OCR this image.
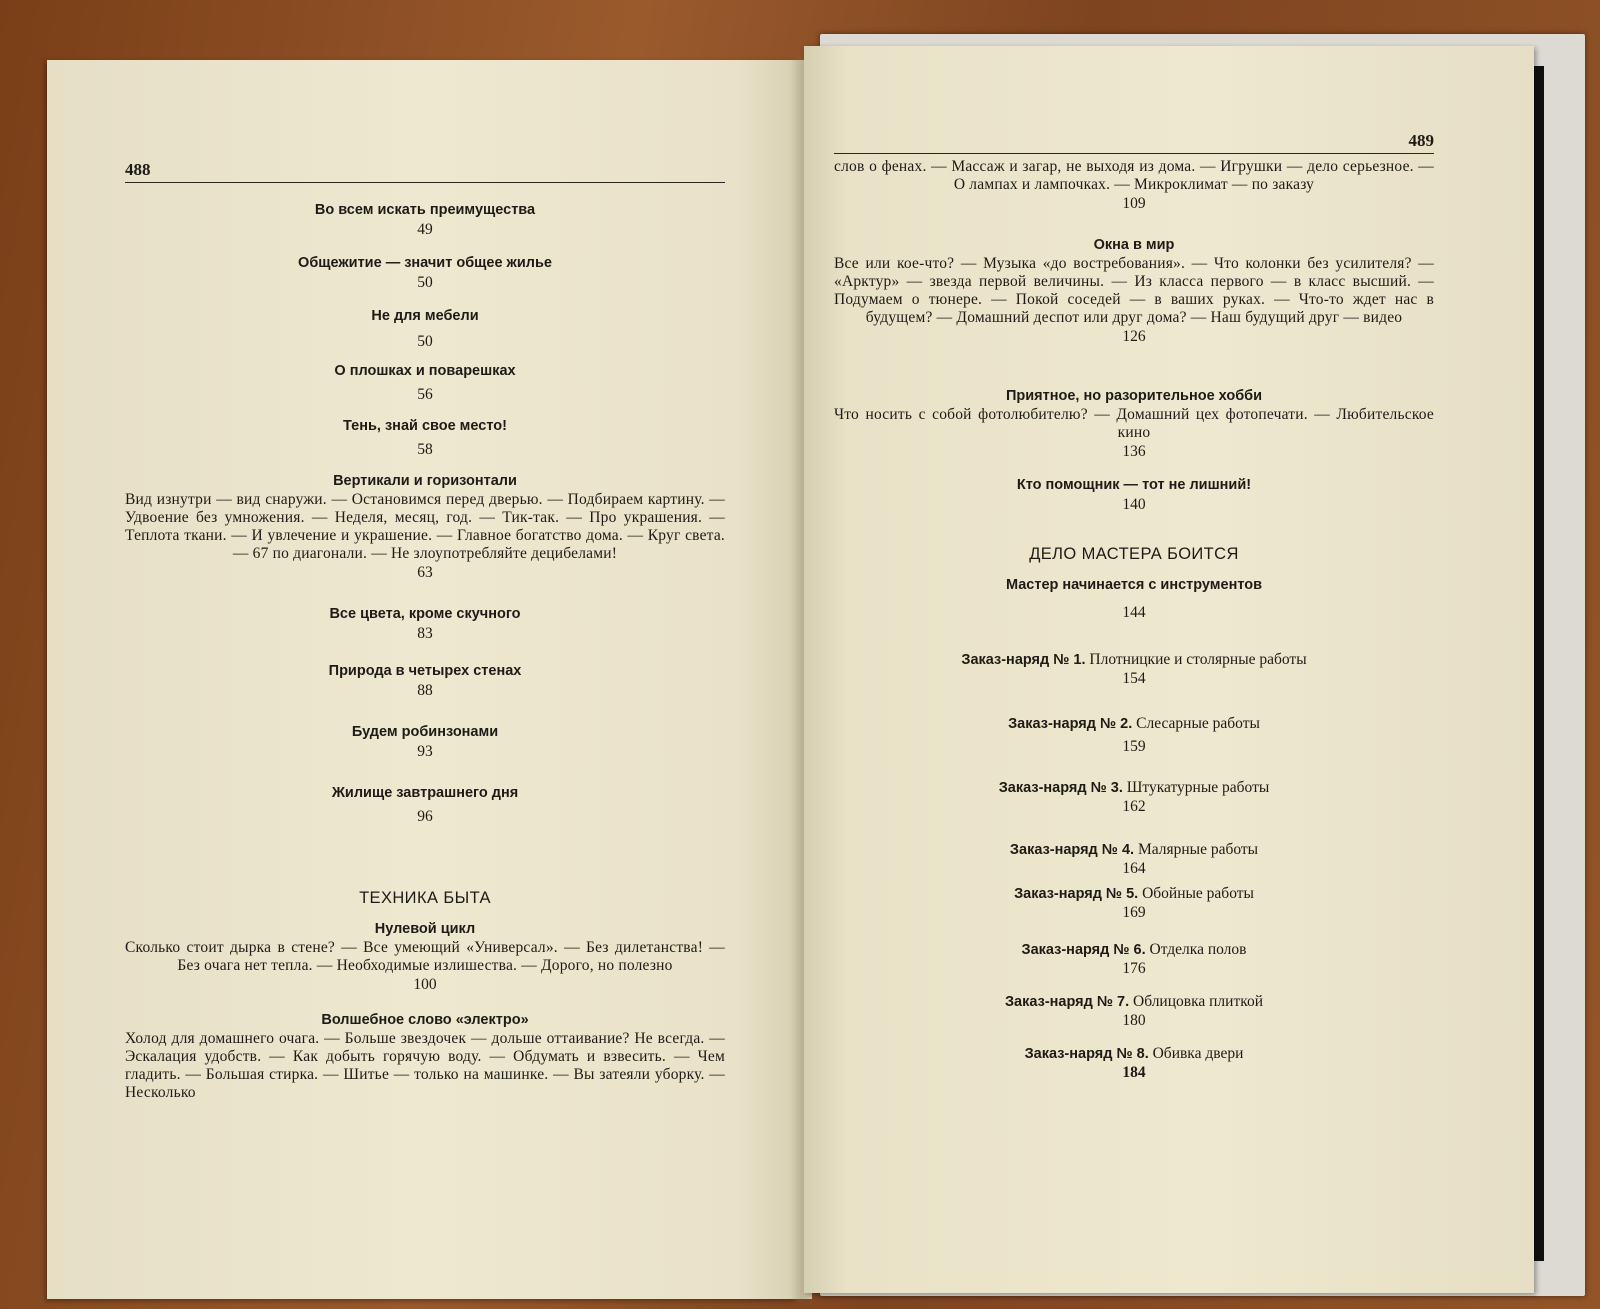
488
Во всем искать преимущества
49
Общежитие — значит общее жилье
50
Не для мебели
50
О плошках и поварешках
56
Тень, знай свое место!
58
Вертикали и горизонтали
Вид изнутри — вид снаружи. — Остановимся перед дверью. — Подбираем картину. — Удвоение без умножения. — Неделя, месяц, год. — Тик-так. — Про украшения. — Теплота ткани. — И увлечение и украшение. — Главное богатство дома. — Круг света. — 67 по диагонали. — Не злоупотребляйте децибелами!
63
Все цвета, кроме скучного
83
Природа в четырех стенах
88
Будем робинзонами
93
Жилище завтрашнего дня
96
ТЕХНИКА БЫТА
Нулевой цикл
Сколько стоит дырка в стене? — Все умеющий «Универсал». — Без дилетанства! — Без очага нет тепла. — Необходимые излишества. — Дорого, но полезно
100
Волшебное слово «электро»
Холод для домашнего очага. — Больше звездочек — дольше оттаивание? Не всегда. — Эскалация удобств. — Как добыть горячую воду. — Обдумать и взвесить. — Чем гладить. — Большая стирка. — Шитье — только на машинке. — Вы затеяли уборку. — Несколько
489
слов о фенах. — Массаж и загар, не выходя из дома. — Игрушки — дело серьезное. — О лампах и лампочках. — Микроклимат — по заказу
109
Окна в мир
Все или кое-что? — Музыка «до востребования». — Что колонки без усилителя? — «Арктур» — звезда первой величины. — Из класса первого — в класс высший. — Подумаем о тюнере. — Покой соседей — в ваших руках. — Что-то ждет нас в будущем? — Домашний деспот или друг дома? — Наш будущий друг — видео
126
Приятное, но разорительное хобби
Что носить с собой фотолюбителю? — Домашний цех фотопечати. — Любительское кино
136
Кто помощник — тот не лишний!
140
ДЕЛО МАСТЕРА БОИТСЯ
Мастер начинается с инструментов
144
Заказ-наряд № 1. Плотницкие и столярные работы
154
Заказ-наряд № 2. Слесарные работы
159
Заказ-наряд № 3. Штукатурные работы
162
Заказ-наряд № 4. Малярные работы
164
Заказ-наряд № 5. Обойные работы
169
Заказ-наряд № 6. Отделка полов
176
Заказ-наряд № 7. Облицовка плиткой
180
Заказ-наряд № 8. Обивка двери
184
